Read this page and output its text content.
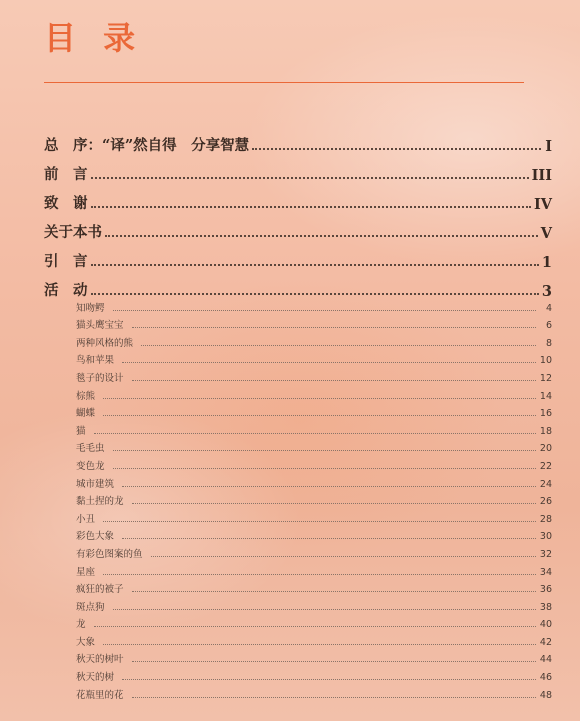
目 录
总　序：“译”然自得　分享智慧	I
前　言	III
致　谢	IV
关于本书	V
引　言	1
活　动	3
知吻鳄	4
猫头鹰宝宝	6
两种风格的熊	8
鸟和苹果	10
毯子的设计	12
棕熊	14
蝴蝶	16
猫	18
毛毛虫	20
变色龙	22
城市建筑	24
黏土捏的龙	26
小丑	28
彩色大象	30
有彩色图案的鱼	32
星座	34
疯狂的被子	36
斑点狗	38
龙	40
大象	42
秋天的树叶	44
秋天的树	46
花瓶里的花	48
